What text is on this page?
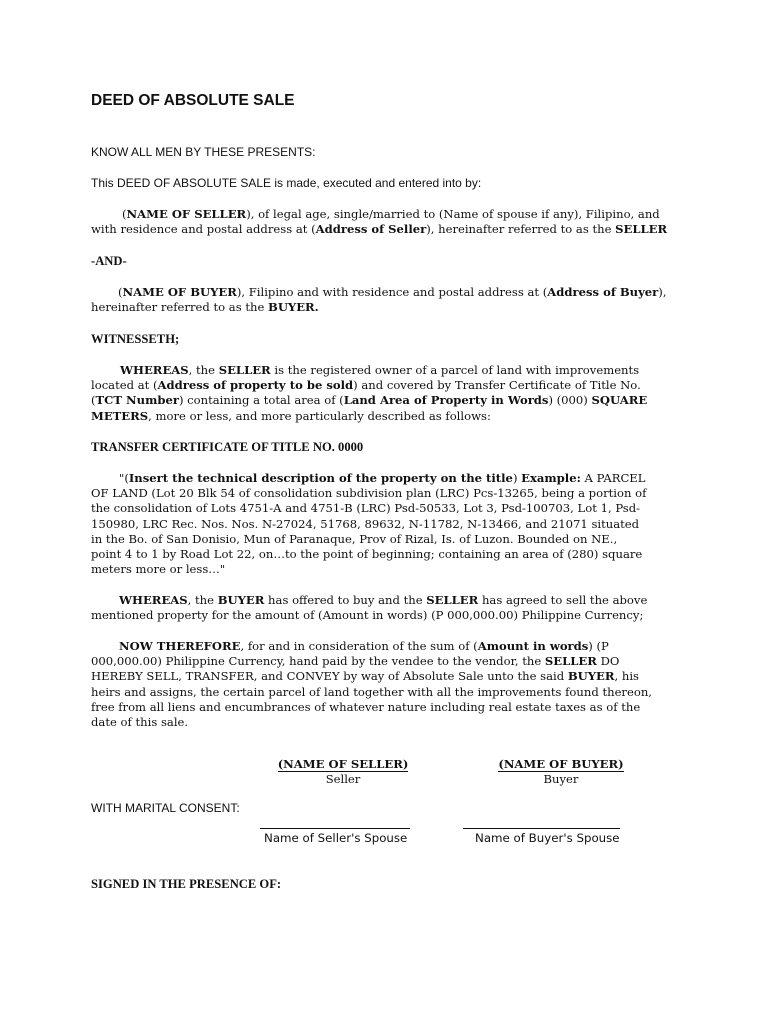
DEED OF ABSOLUTE SALE
KNOW ALL MEN BY THESE PRESENTS:
This DEED OF ABSOLUTE SALE is made, executed and entered into by:
(NAME OF SELLER), of legal age, single/married to (Name of spouse if any), Filipino, and
with residence and postal address at (Address of Seller), hereinafter referred to as the SELLER
-AND-
(NAME OF BUYER), Filipino and with residence and postal address at (Address of Buyer),
hereinafter referred to as the BUYER.
WITNESSETH;
WHEREAS, the SELLER is the registered owner of a parcel of land with improvements
located at (Address of property to be sold) and covered by Transfer Certificate of Title No.
(TCT Number) containing a total area of (Land Area of Property in Words) (000) SQUARE
METERS, more or less, and more particularly described as follows:
TRANSFER CERTIFICATE OF TITLE NO. 0000
"(Insert the technical description of the property on the title) Example: A PARCEL
OF LAND (Lot 20 Blk 54 of consolidation subdivision plan (LRC) Pcs-13265, being a portion of
the consolidation of Lots 4751-A and 4751-B (LRC) Psd-50533, Lot 3, Psd-100703, Lot 1, Psd-
150980, LRC Rec. Nos. Nos. N-27024, 51768, 89632, N-11782, N-13466, and 21071 situated
in the Bo. of San Donisio, Mun of Paranaque, Prov of Rizal, Is. of Luzon. Bounded on NE.,
point 4 to 1 by Road Lot 22, on…to the point of beginning; containing an area of (280) square
meters more or less…"
WHEREAS, the BUYER has offered to buy and the SELLER has agreed to sell the above
mentioned property for the amount of (Amount in words) (P 000,000.00) Philippine Currency;
NOW THEREFORE, for and in consideration of the sum of (Amount in words) (P
000,000.00) Philippine Currency, hand paid by the vendee to the vendor, the SELLER DO
HEREBY SELL, TRANSFER, and CONVEY by way of Absolute Sale unto the said BUYER, his
heirs and assigns, the certain parcel of land together with all the improvements found thereon,
free from all liens and encumbrances of whatever nature including real estate taxes as of the
date of this sale.
(NAME OF SELLER)
Seller
(NAME OF BUYER)
Buyer
WITH MARITAL CONSENT:
Name of Seller's Spouse	Name of Buyer's Spouse
SIGNED IN THE PRESENCE OF:
